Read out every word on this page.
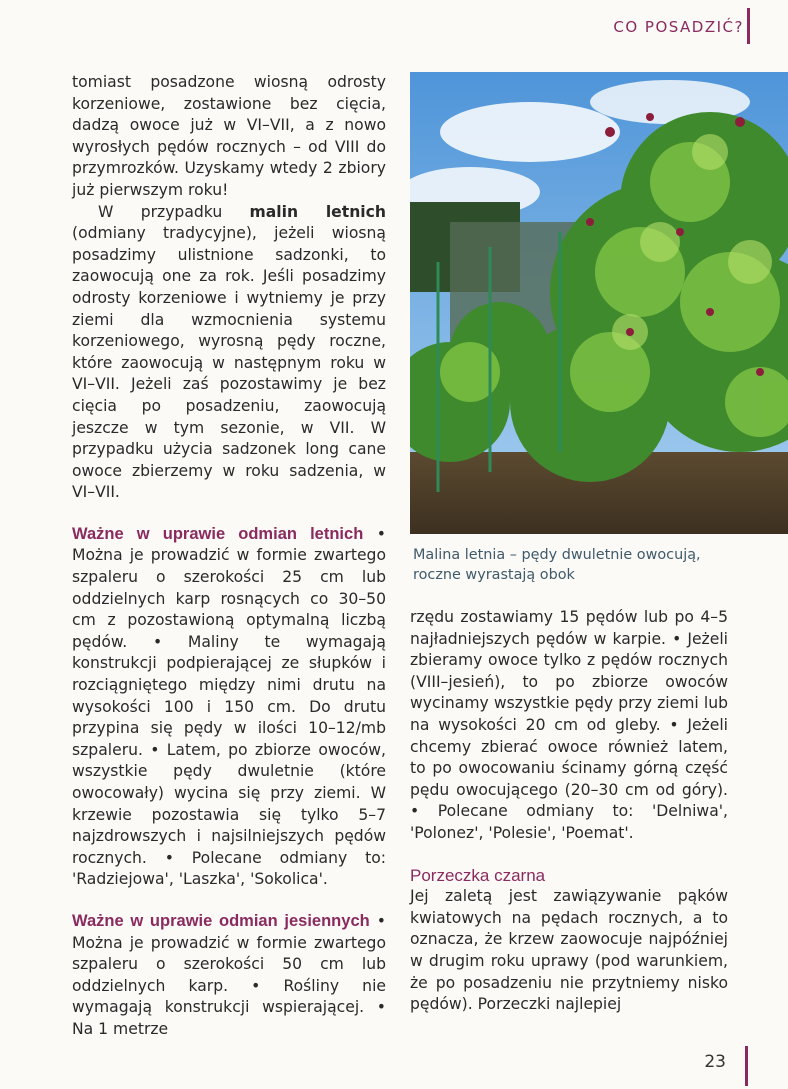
CO POSADZIĆ?

tomiast posadzone wiosną odrosty korzeniowe, zostawione bez cięcia, dadzą owoce już w VI–VII, a z nowo wyrosłych pędów rocznych – od VIII do przymrozków. Uzyskamy wtedy 2 zbiory już pierwszym roku!

W przypadku malin letnich (odmiany tradycyjne), jeżeli wiosną posadzimy ulistnione sadzonki, to zaowocują one za rok. Jeśli posadzimy odrosty korzeniowe i wytniemy je przy ziemi dla wzmocnienia systemu korzeniowego, wyrosną pędy roczne, które zaowocują w następnym roku w VI–VII. Jeżeli zaś pozostawimy je bez cięcia po posadzeniu, zaowocują jeszcze w tym sezonie, w VII. W przypadku użycia sadzonek long cane owoce zbierzemy w roku sadzenia, w VI–VII.

Ważne w uprawie odmian letnich • Można je prowadzić w formie zwartego szpaleru o szerokości 25 cm lub oddzielnych karp rosnących co 30–50 cm z pozostawioną optymalną liczbą pędów. • Maliny te wymagają konstrukcji podpierającej ze słupków i rozciągniętego między nimi drutu na wysokości 100 i 150 cm. Do drutu przypina się pędy w ilości 10–12/mb szpaleru. • Latem, po zbiorze owoców, wszystkie pędy dwuletnie (które owocowały) wycina się przy ziemi. W krzewie pozostawia się tylko 5–7 najzdrowszych i najsilniejszych pędów rocznych. • Polecane odmiany to: 'Radziejowa', 'Laszka', 'Sokolica'.

Ważne w uprawie odmian jesiennych • Można je prowadzić w formie zwartego szpaleru o szerokości 50 cm lub oddzielnych karp. • Rośliny nie wymagają konstrukcji wspierającej. • Na 1 metrze

Malina letnia – pędy dwuletnie owocują, roczne wyrastają obok

rzędu zostawiamy 15 pędów lub po 4–5 najładniejszych pędów w karpie. • Jeżeli zbieramy owoce tylko z pędów rocznych (VIII–jesień), to po zbiorze owoców wycinamy wszystkie pędy przy ziemi lub na wysokości 20 cm od gleby. • Jeżeli chcemy zbierać owoce również latem, to po owocowaniu ścinamy górną część pędu owocującego (20–30 cm od góry). • Polecane odmiany to: 'Delniwa', 'Polonez', 'Polesie', 'Poemat'.

Porzeczka czarna

Jej zaletą jest zawiązywanie pąków kwiatowych na pędach rocznych, a to oznacza, że krzew zaowocuje najpóźniej w drugim roku uprawy (pod warunkiem, że po posadzeniu nie przytniemy nisko pędów). Porzeczki najlepiej

23
